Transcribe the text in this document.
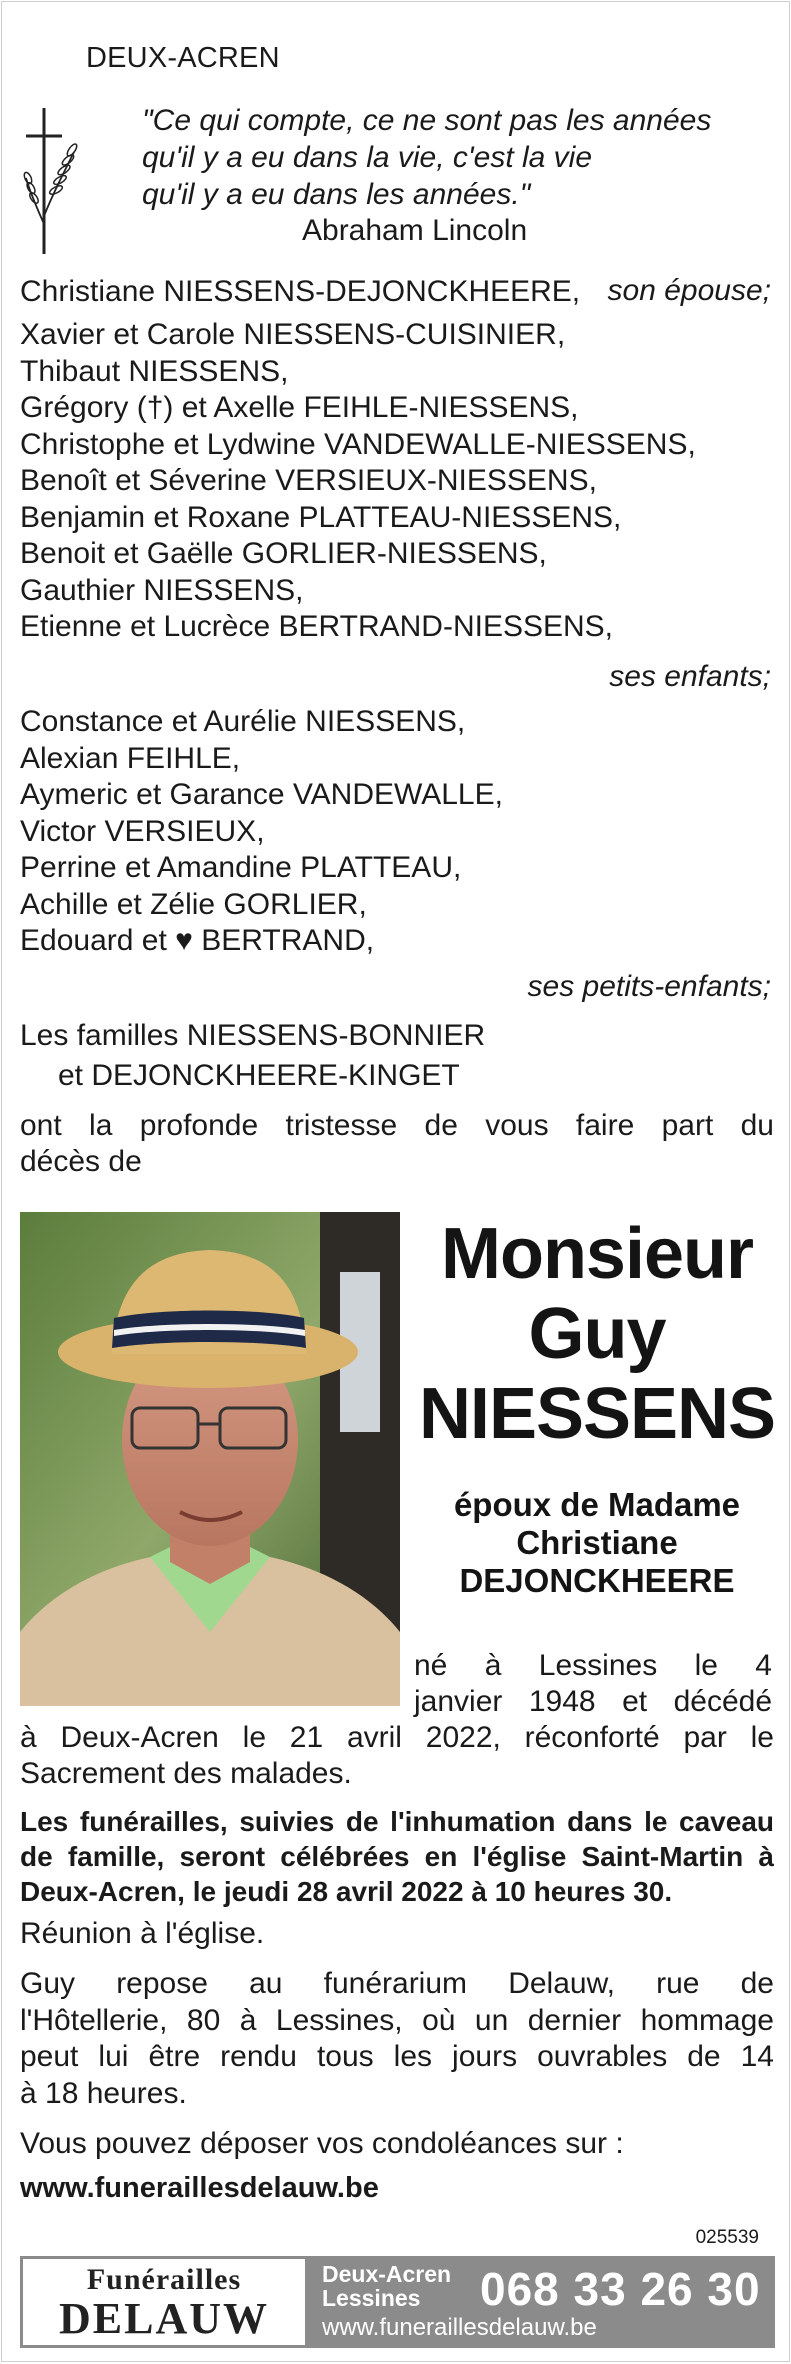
DEUX-ACREN
"Ce qui compte, ce ne sont pas les années
qu'il y a eu dans la vie, c'est la vie
qu'il y a eu dans les années."
Abraham Lincoln
Christiane NIESSENS-DEJONCKHEERE, son épouse;
Xavier et Carole NIESSENS-CUISINIER,
Thibaut NIESSENS,
Grégory (†) et Axelle FEIHLE-NIESSENS,
Christophe et Lydwine VANDEWALLE-NIESSENS,
Benoît et Séverine VERSIEUX-NIESSENS,
Benjamin et Roxane PLATTEAU-NIESSENS,
Benoit et Gaëlle GORLIER-NIESSENS,
Gauthier NIESSENS,
Etienne et Lucrèce BERTRAND-NIESSENS,
ses enfants;
Constance et Aurélie NIESSENS,
Alexian FEIHLE,
Aymeric et Garance VANDEWALLE,
Victor VERSIEUX,
Perrine et Amandine PLATTEAU,
Achille et Zélie GORLIER,
Edouard et ♥ BERTRAND,
ses petits-enfants;
Les familles NIESSENS-BONNIER
et DEJONCKHEERE-KINGET
ont la profonde tristesse de vous faire part du
décès de
Monsieur
Guy
NIESSENS
époux de Madame
Christiane
DEJONCKHEERE
né à Lessines le 4
janvier 1948 et décédé
à Deux-Acren le 21 avril 2022, réconforté par le
Sacrement des malades.
Les funérailles, suivies de l'inhumation dans le caveau
de famille, seront célébrées en l'église Saint-Martin à
Deux-Acren, le jeudi 28 avril 2022 à 10 heures 30.
Réunion à l'église.
Guy repose au funérarium Delauw, rue de
l'Hôtellerie, 80 à Lessines, où un dernier hommage
peut lui être rendu tous les jours ouvrables de 14
à 18 heures.
Vous pouvez déposer vos condoléances sur :
www.funeraillesdelauw.be
025539
Funérailles
DELAUW
Deux-Acren
Lessines	068 33 26 30
www.funeraillesdelauw.be
